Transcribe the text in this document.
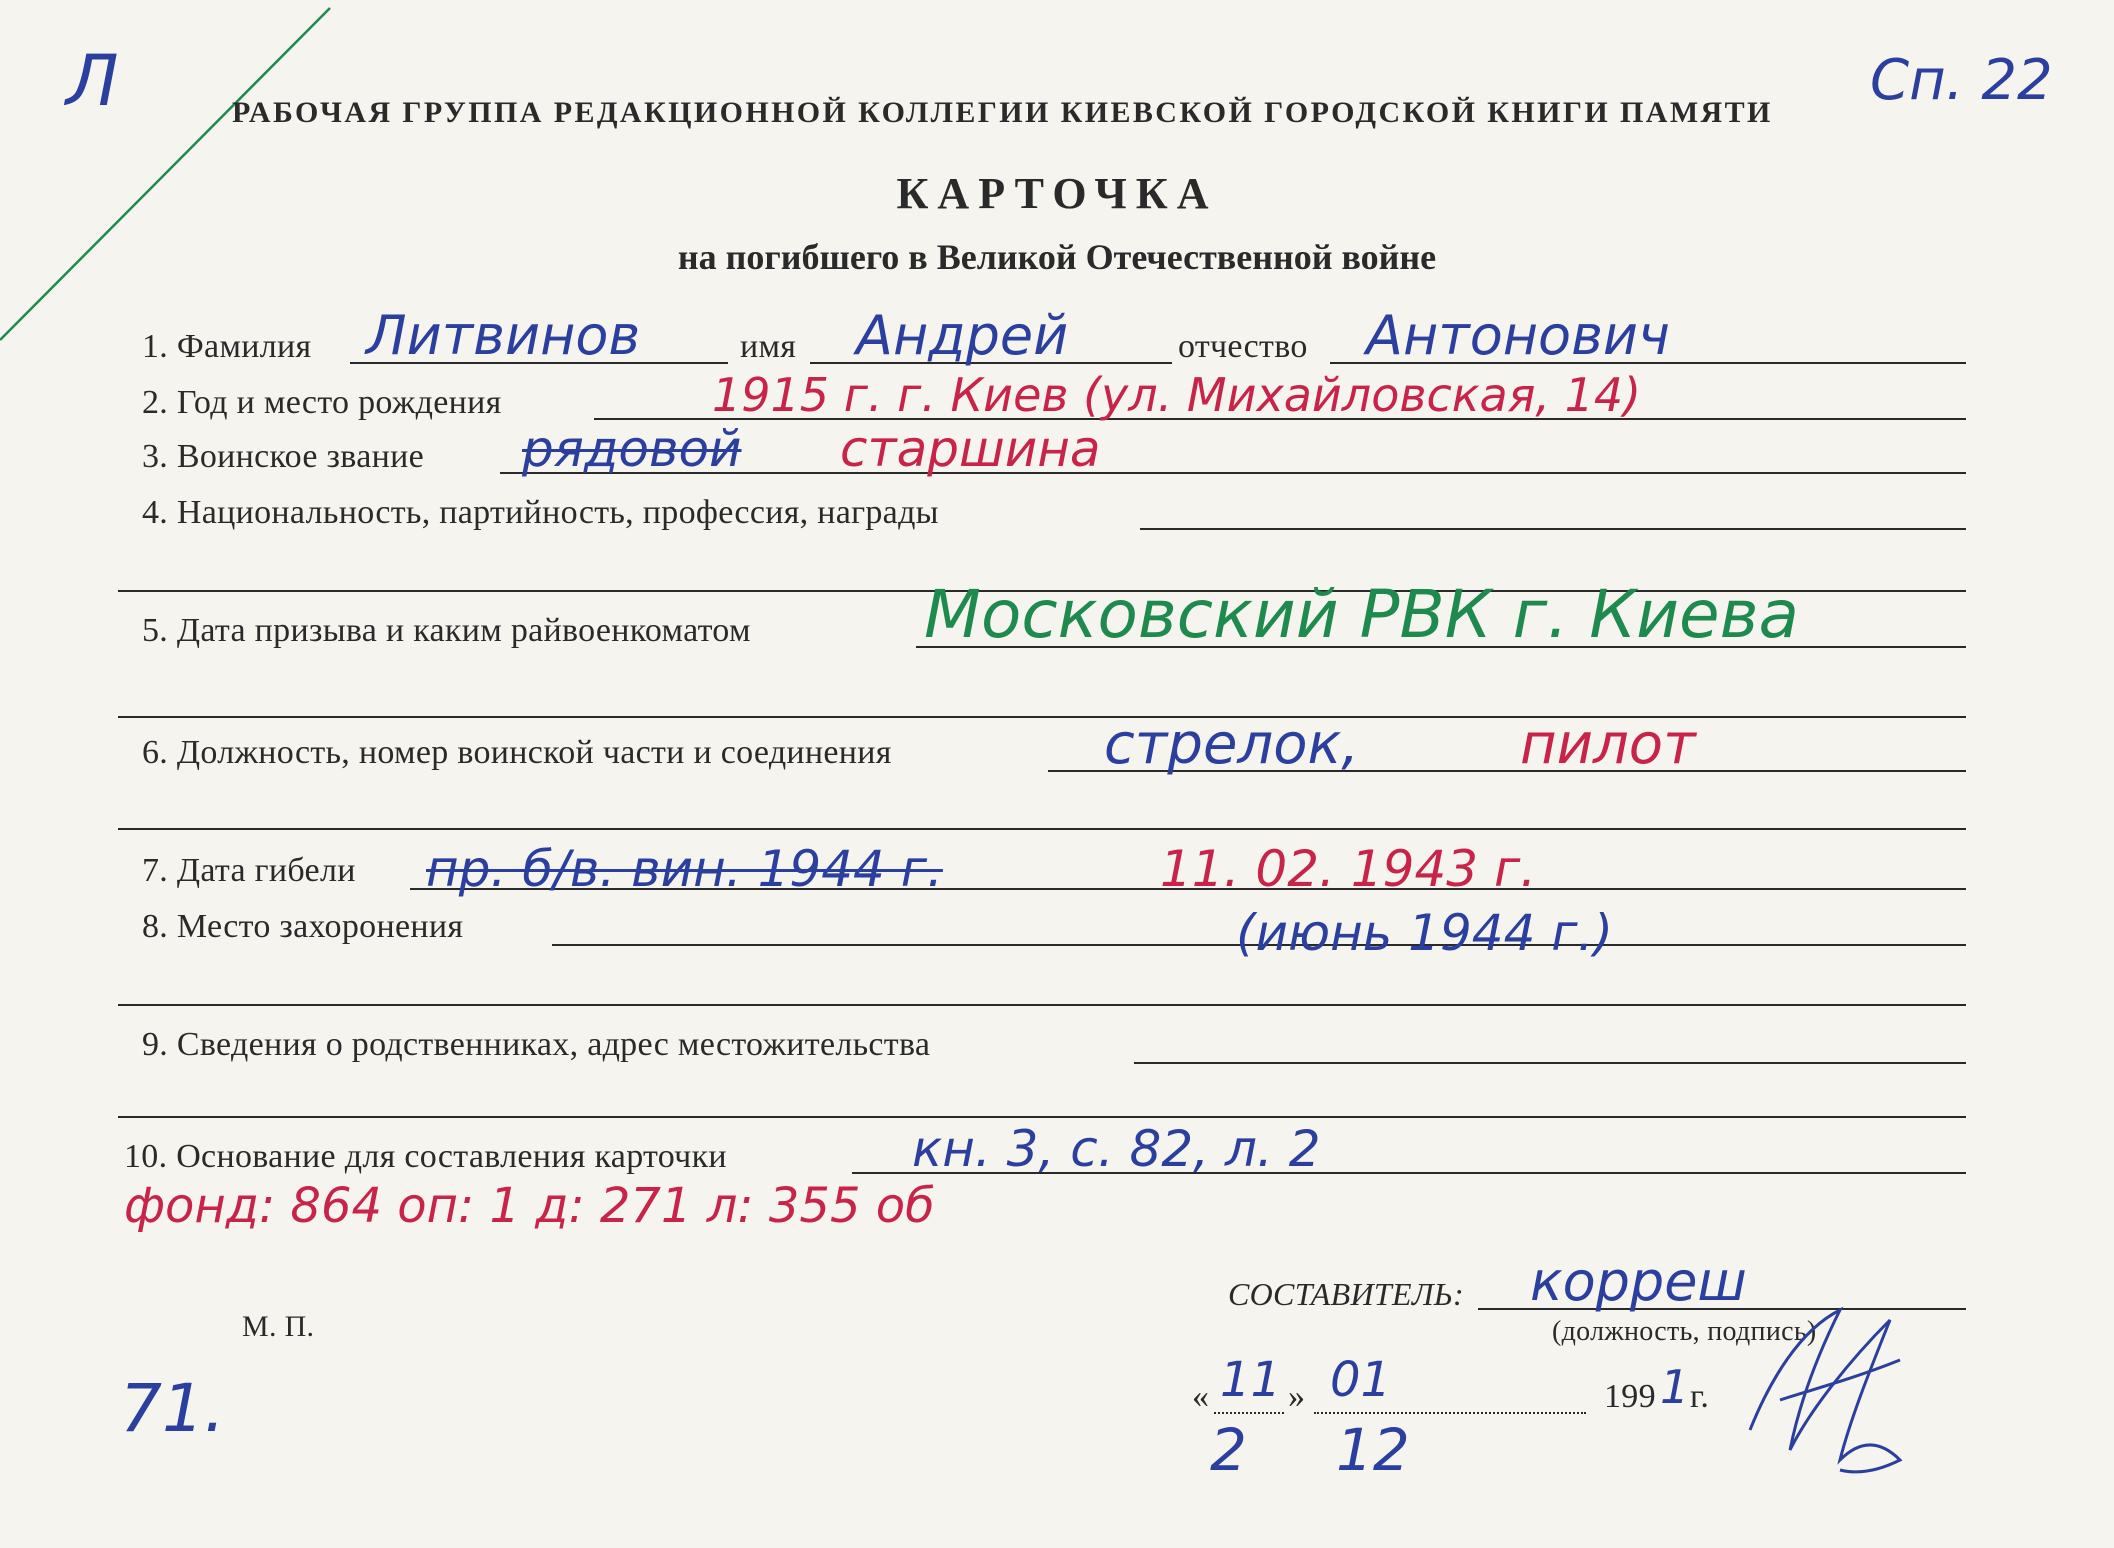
Л	Сп. 22
РАБОЧАЯ ГРУППА РЕДАКЦИОННОЙ КОЛЛЕГИИ КИЕВСКОЙ ГОРОДСКОЙ КНИГИ ПАМЯТИ
КАРТОЧКА
на погибшего в Великой Отечественной войне
1. Фамилия Литвинов	имя Андрей	отчество Антонович
2. Год и место рождения	1915 г. г. Киев (ул. Михайловская, 14)
3. Воинское звание рядовой старшина
4. Национальность, партийность, профессия, награды
5. Дата призыва и каким райвоенкоматом	Московский РВК г. Киева
6. Должность, номер воинской части и соединения	стрелок,	пилот
7. Дата гибели пр. б/в. вин. 1944 г.	11. 02. 1943 г.
8. Место захоронения	(июнь 1944 г.)
9. Сведения о родственниках, адрес местожительства
10. Основание для составления карточки	кн. 3, с. 82, л. 2
фонд: 864 оп: 1 д: 271 л: 355 об
М. П.
71.
СОСТАВИТЕЛЬ: корреш
(должность, подпись)
« 11 » 01	199 1 г.
2 12
